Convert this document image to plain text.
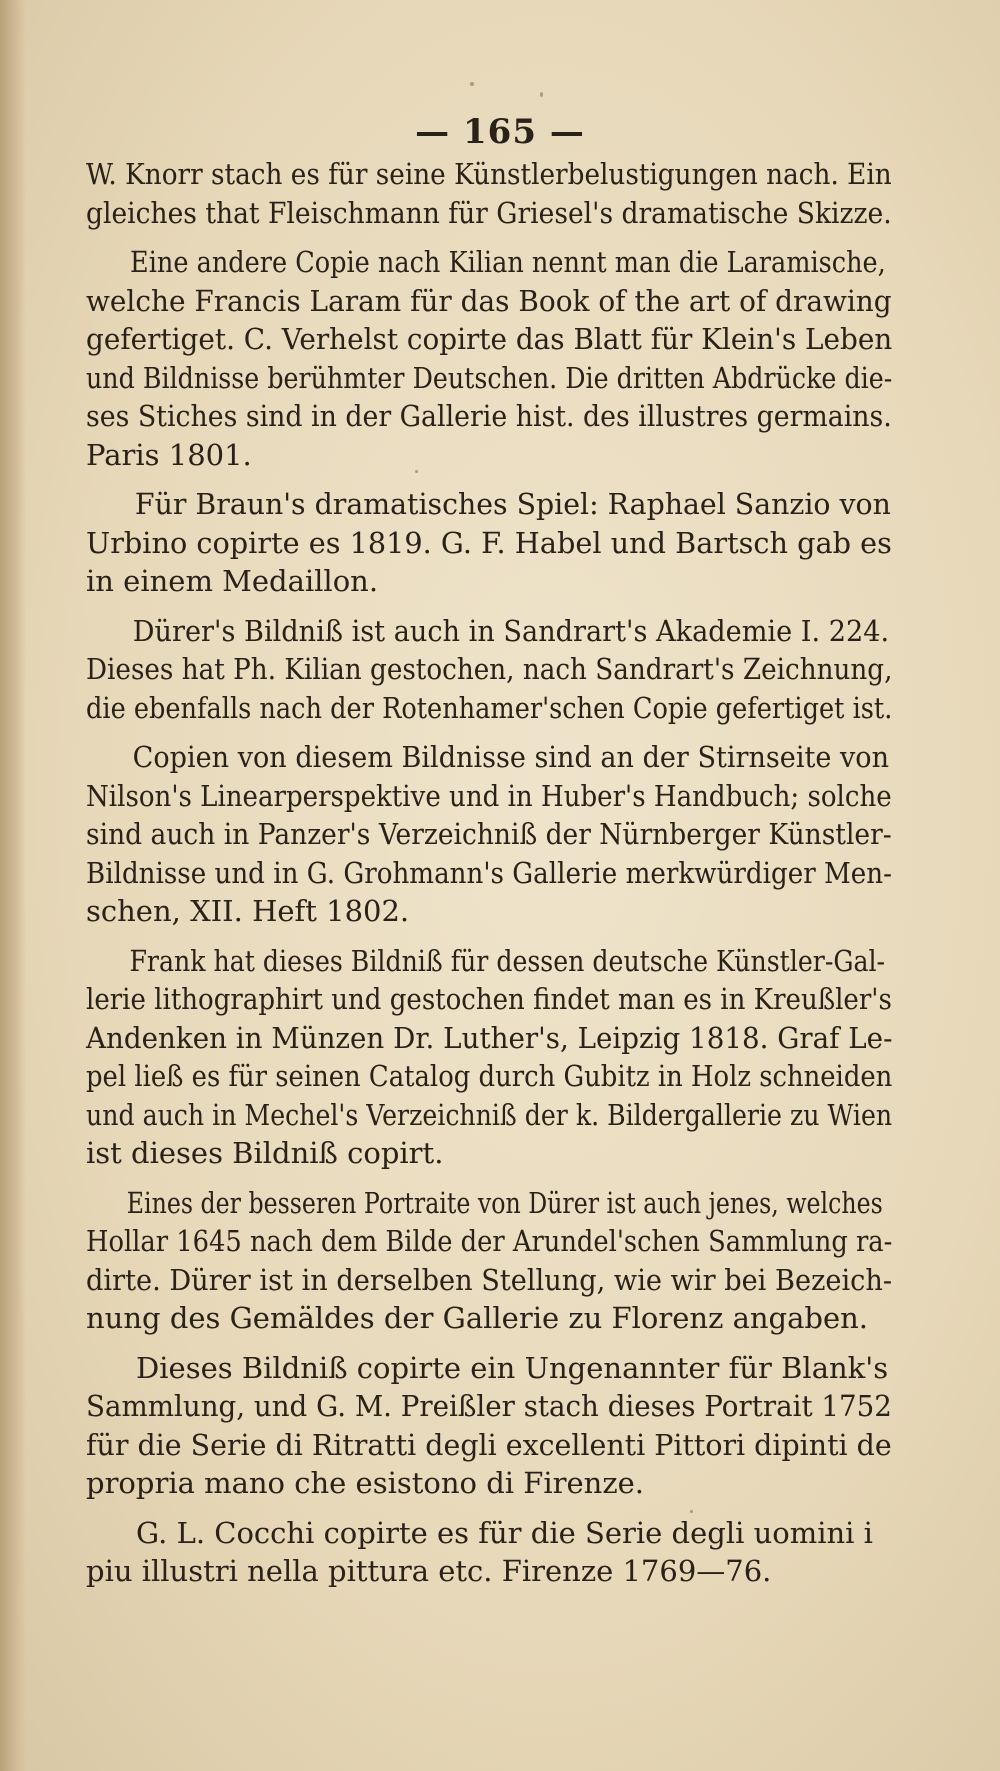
— 165 —

W. Knorr stach es für seine Künstlerbelustigungen nach. Ein
gleiches that Fleischmann für Griesel's dramatische Skizze.

Eine andere Copie nach Kilian nennt man die Laramische,
welche Francis Laram für das Book of the art of drawing
gefertiget. C. Verhelst copirte das Blatt für Klein's Leben
und Bildnisse berühmter Deutschen. Die dritten Abdrücke die-
ses Stiches sind in der Gallerie hist. des illustres germains.
Paris 1801.

Für Braun's dramatisches Spiel: Raphael Sanzio von
Urbino copirte es 1819. G. F. Habel und Bartsch gab es
in einem Medaillon.

Dürer's Bildniß ist auch in Sandrart's Akademie I. 224.
Dieses hat Ph. Kilian gestochen, nach Sandrart's Zeichnung,
die ebenfalls nach der Rotenhamer'schen Copie gefertiget ist.

Copien von diesem Bildnisse sind an der Stirnseite von
Nilson's Linearperspektive und in Huber's Handbuch; solche
sind auch in Panzer's Verzeichniß der Nürnberger Künstler-
Bildnisse und in G. Grohmann's Gallerie merkwürdiger Men-
schen, XII. Heft 1802.

Frank hat dieses Bildniß für dessen deutsche Künstler-Gal-
lerie lithographirt und gestochen findet man es in Kreußler's
Andenken in Münzen Dr. Luther's, Leipzig 1818. Graf Le-
pel ließ es für seinen Catalog durch Gubitz in Holz schneiden
und auch in Mechel's Verzeichniß der k. Bildergallerie zu Wien
ist dieses Bildniß copirt.

Eines der besseren Portraite von Dürer ist auch jenes, welches
Hollar 1645 nach dem Bilde der Arundel'schen Sammlung ra-
dirte. Dürer ist in derselben Stellung, wie wir bei Bezeich-
nung des Gemäldes der Gallerie zu Florenz angaben.

Dieses Bildniß copirte ein Ungenannter für Blank's
Sammlung, und G. M. Preißler stach dieses Portrait 1752
für die Serie di Ritratti degli excellenti Pittori dipinti de
propria mano che esistono di Firenze.

G. L. Cocchi copirte es für die Serie degli uomini i
piu illustri nella pittura etc. Firenze 1769—76.
